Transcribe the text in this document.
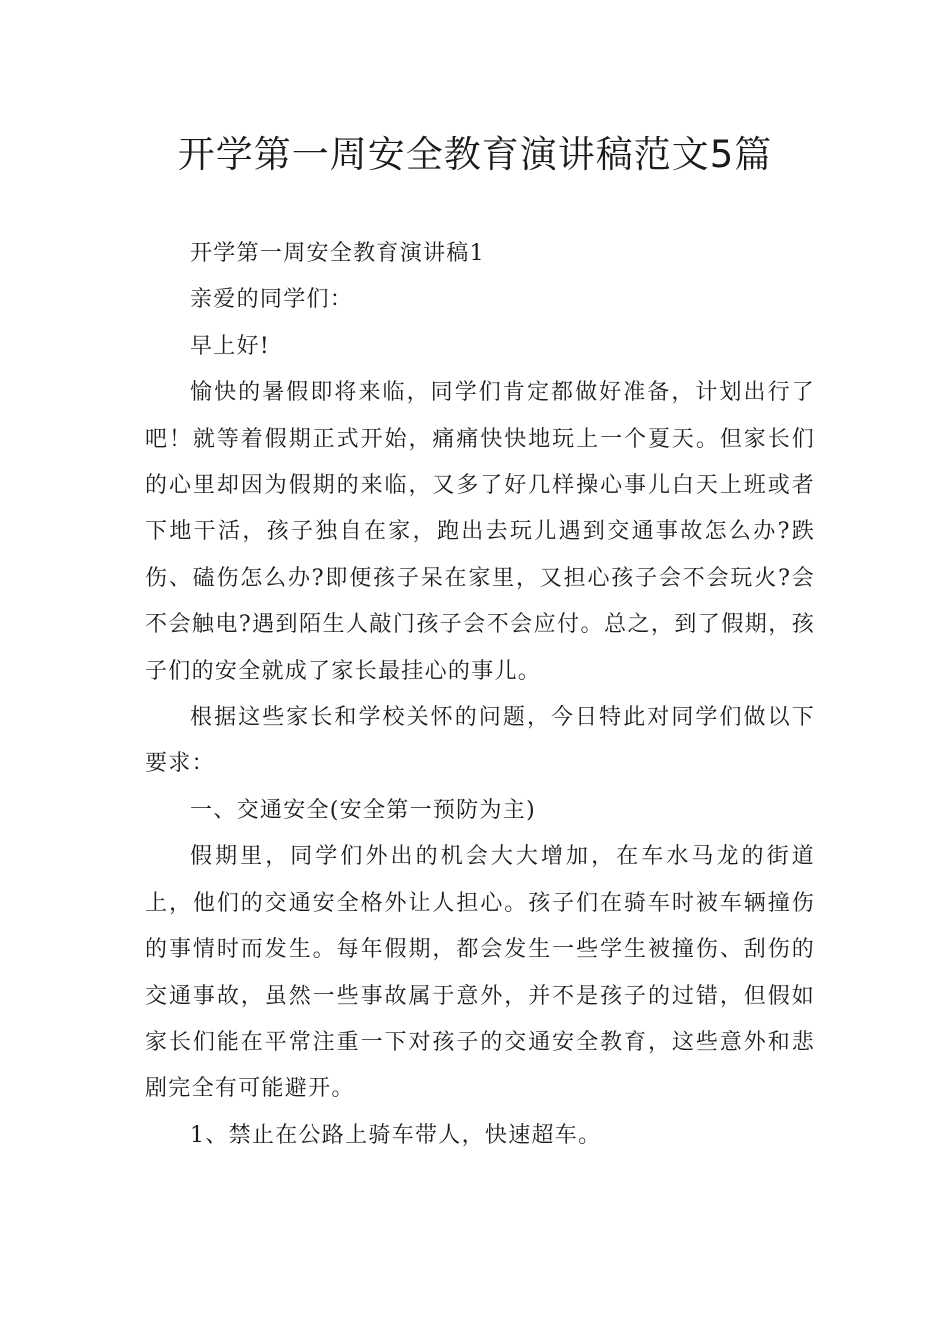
开学第一周安全教育演讲稿范文5篇

开学第一周安全教育演讲稿1

亲爱的同学们：

早上好!

愉快的暑假即将来临，同学们肯定都做好准备，计划出行了吧！就等着假期正式开始，痛痛快快地玩上一个夏天。但家长们的心里却因为假期的来临，又多了好几样操心事儿白天上班或者下地干活，孩子独自在家，跑出去玩儿遇到交通事故怎么办?跌伤、磕伤怎么办?即便孩子呆在家里，又担心孩子会不会玩火?会不会触电?遇到陌生人敲门孩子会不会应付。总之，到了假期，孩子们的安全就成了家长最挂心的事儿。

根据这些家长和学校关怀的问题，今日特此对同学们做以下要求：

一、交通安全(安全第一预防为主)

假期里，同学们外出的机会大大增加，在车水马龙的街道上，他们的交通安全格外让人担心。孩子们在骑车时被车辆撞伤的事情时而发生。每年假期，都会发生一些学生被撞伤、刮伤的交通事故，虽然一些事故属于意外，并不是孩子的过错，但假如家长们能在平常注重一下对孩子的交通安全教育，这些意外和悲剧完全有可能避开。

1、禁止在公路上骑车带人，快速超车。
